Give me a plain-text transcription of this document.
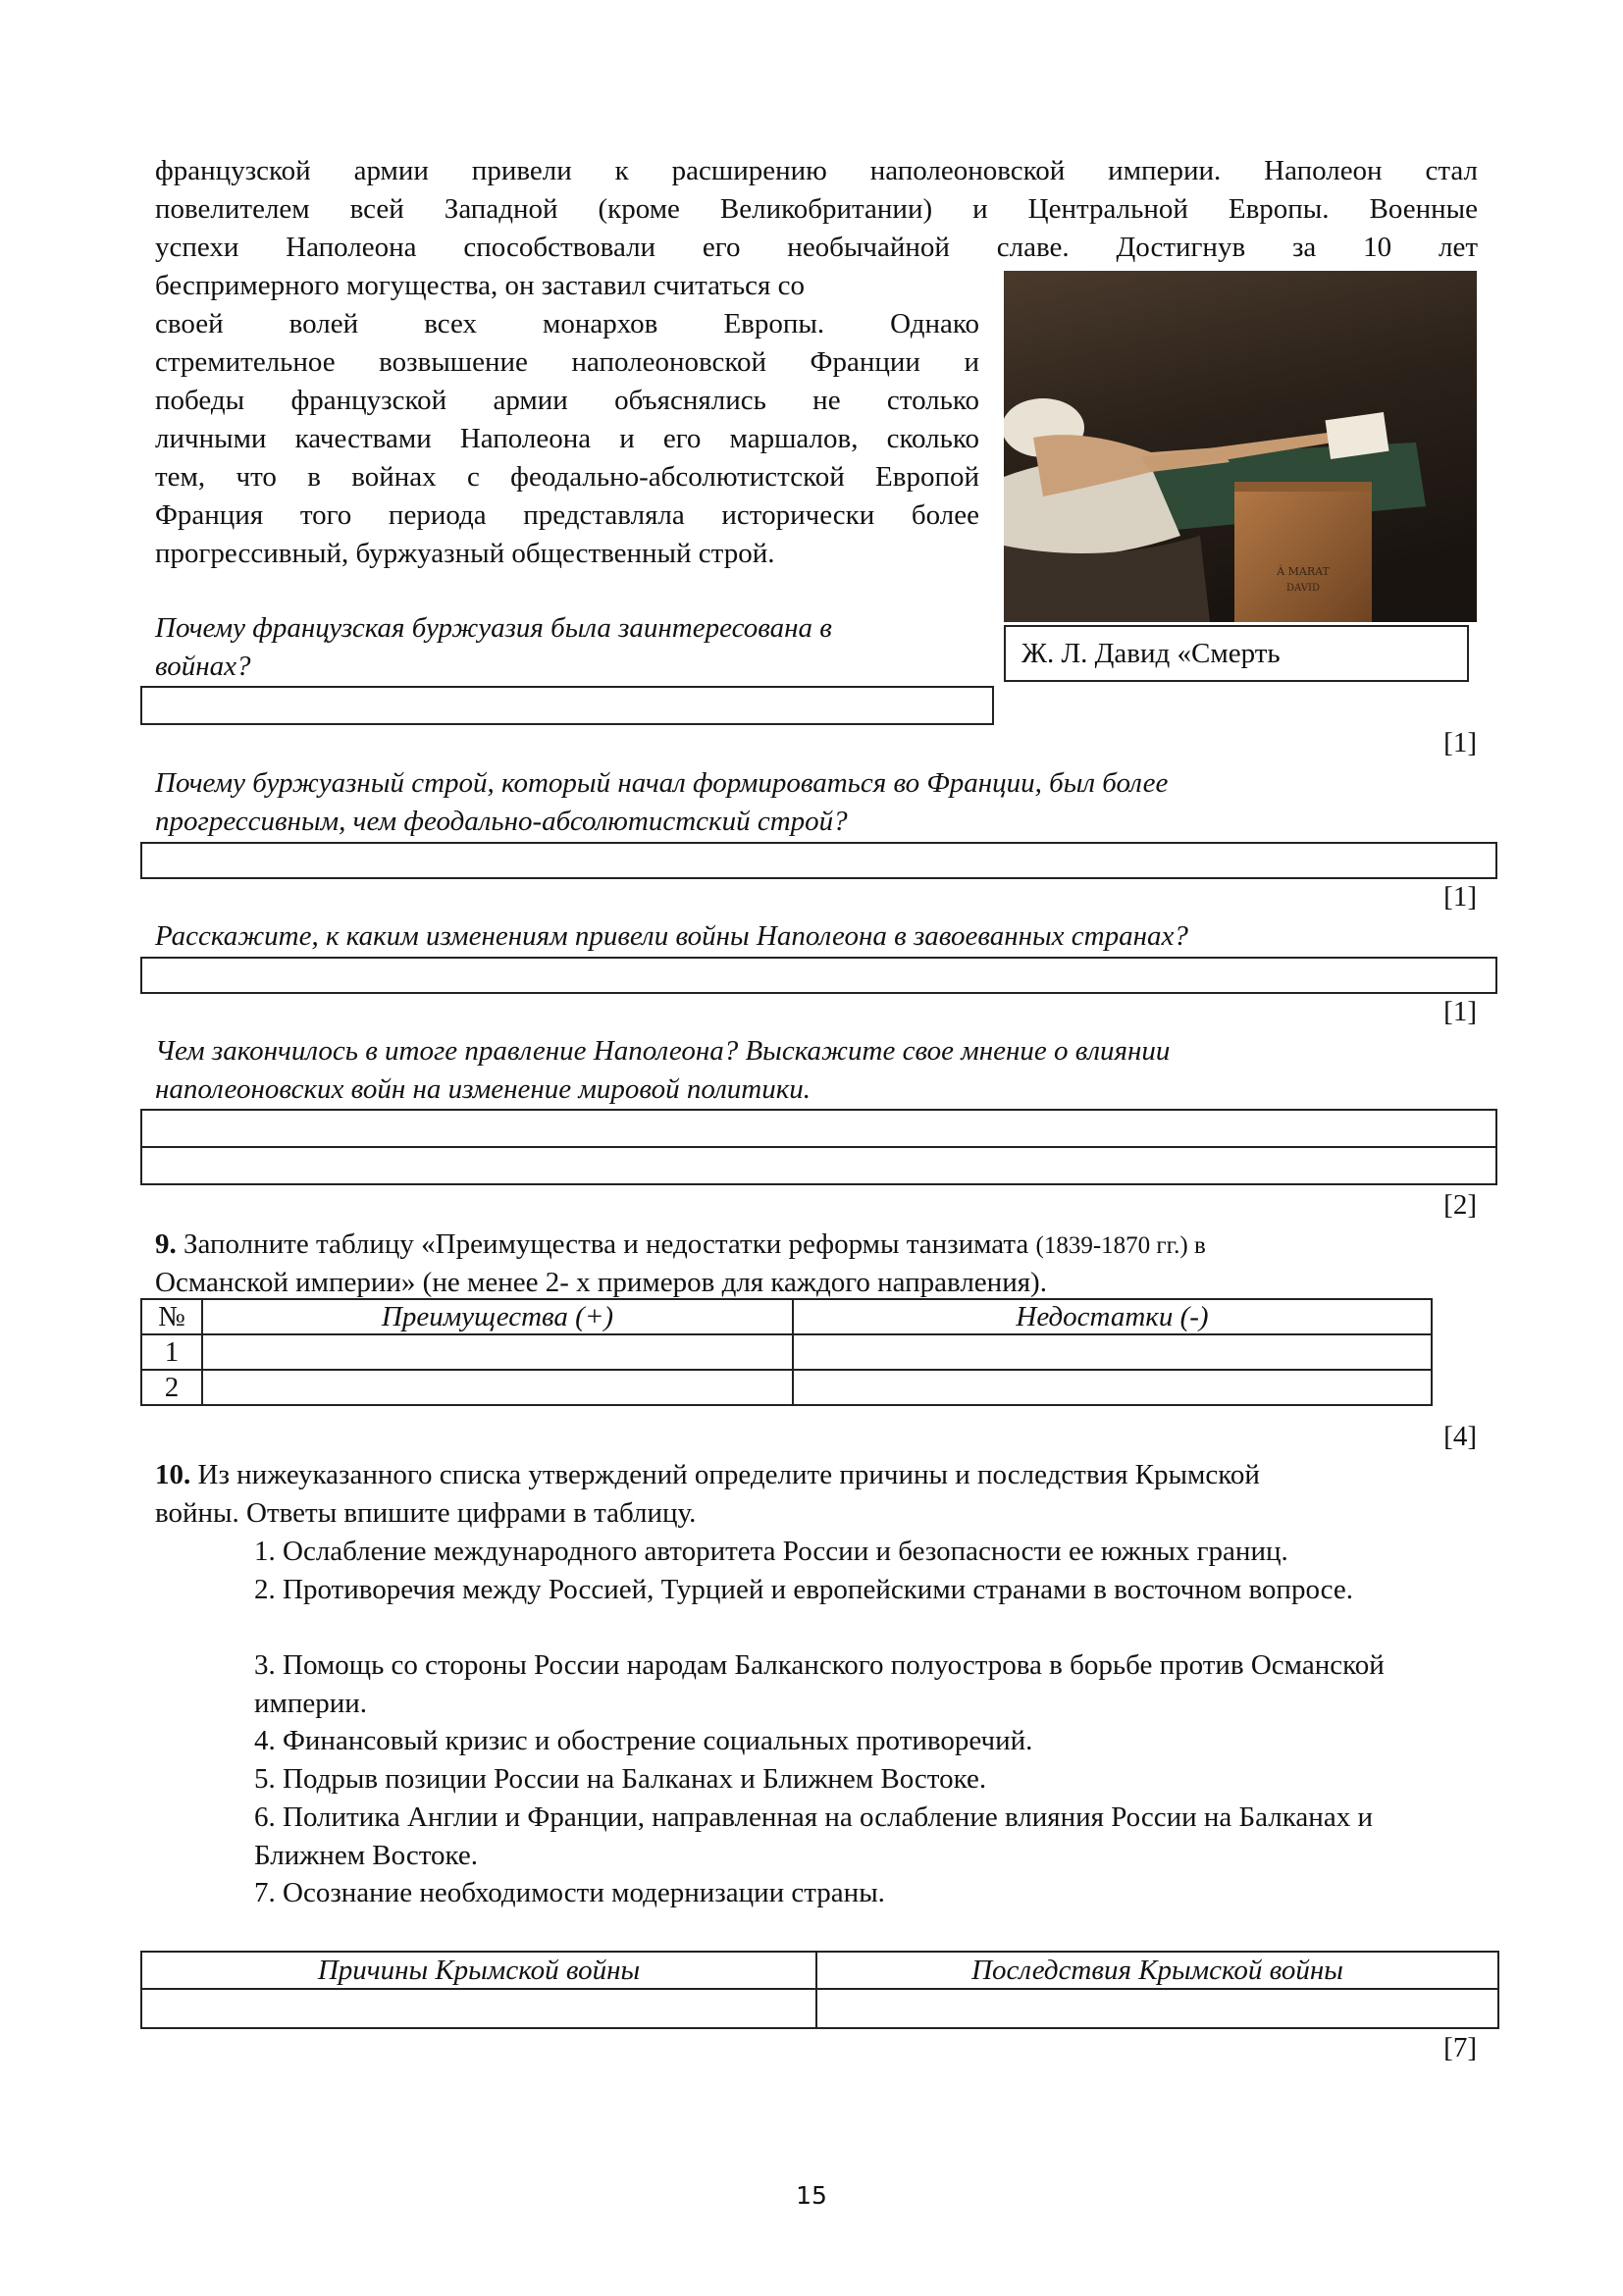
французской армии привели к расширению наполеоновской империи. Наполеон стал
повелителем всей Западной (кроме Великобритании) и Центральной Европы. Военные
успехи Наполеона способствовали его необычайной славе. Достигнув за 10 лет
беспримерного могущества, он заставил считаться со
своей волей всех монархов Европы. Однако
стремительное возвышение наполеоновской Франции и
победы французской армии объяснялись не столько
личными качествами Наполеона и его маршалов, сколько
тем, что в войнах с феодально-абсолютистской Европой
Франция того периода представляла исторически более
прогрессивный, буржуазный общественный строй.
À MARAT
DAVID
Ж. Л. Давид «Смерть
Почему французская буржуазия была заинтересована в
войнах?
[1]
Почему буржуазный строй, который начал формироваться во Франции, был более
прогрессивным, чем феодально-абсолютистский строй?
[1]
Расскажите, к каким изменениям привели войны Наполеона в завоеванных странах?
[1]
Чем закончилось в итоге правление Наполеона? Выскажите свое мнение о влиянии
наполеоновских войн на изменение мировой политики.
[2]
9. Заполните таблицу «Преимущества и недостатки реформы танзимата (1839-1870 гг.) в
Османской империи» (не менее 2- х примеров для каждого направления).
№	Преимущества (+)	Недостатки (-)
1		
2		
[4]
10. Из нижеуказанного списка утверждений определите причины и последствия Крымской
войны. Ответы впишите цифрами в таблицу.
1. Ослабление международного авторитета России и безопасности ее южных границ.
2. Противоречия между Россией, Турцией и европейскими странами в восточном вопросе.
3. Помощь со стороны России народам Балканского полуострова в борьбе против Османской империи.
4. Финансовый кризис и обострение социальных противоречий.
5. Подрыв позиции России на Балканах и Ближнем Востоке.
6. Политика Англии и Франции, направленная на ослабление влияния России на Балканах и Ближнем Востоке.
7. Осознание необходимости модернизации страны.
Причины Крымской войны	Последствия Крымской войны

[7]
15
